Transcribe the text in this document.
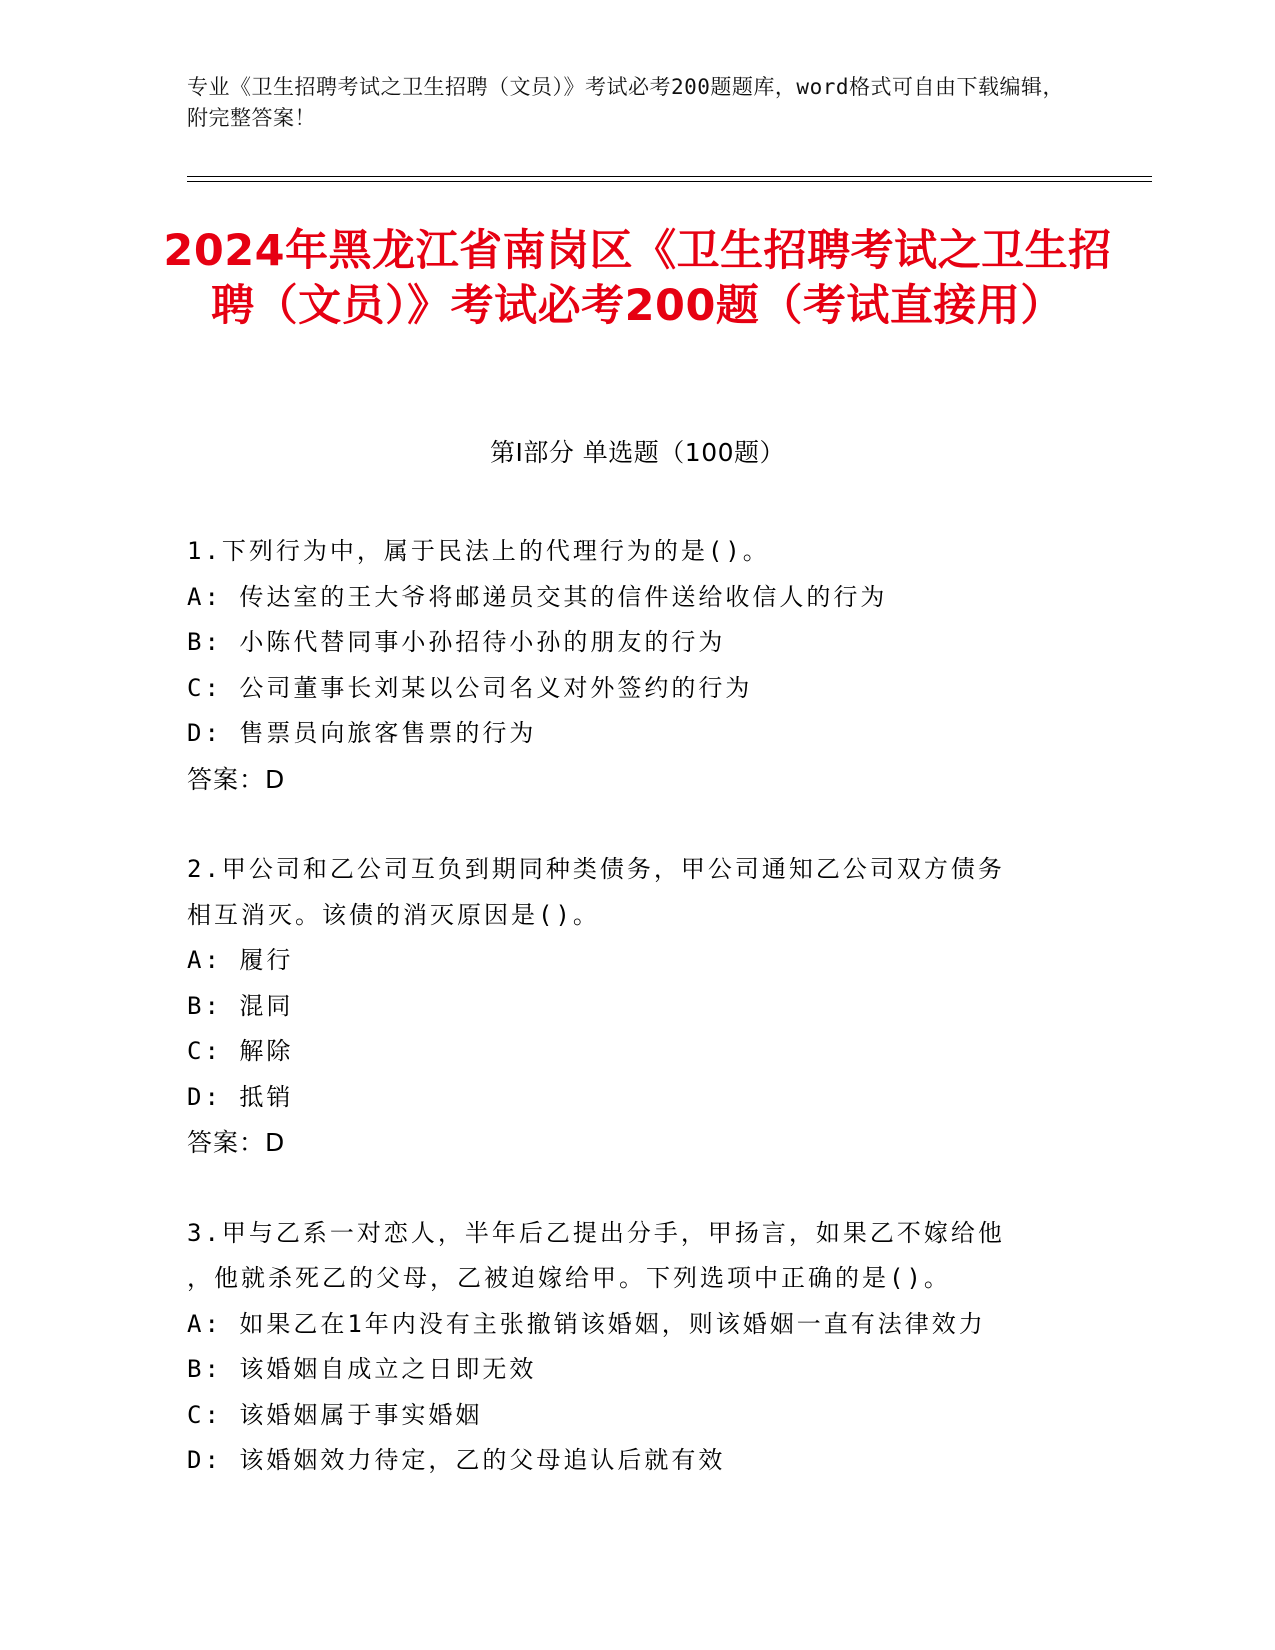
专业《卫生招聘考试之卫生招聘（文员）》考试必考200题题库，word格式可自由下载编辑，附完整答案！
2024年黑龙江省南岗区《卫生招聘考试之卫生招聘（文员）》考试必考200题（考试直接用）
第Ⅰ部分 单选题（100题）
1.下列行为中，属于民法上的代理行为的是()。
A: 传达室的王大爷将邮递员交其的信件送给收信人的行为
B: 小陈代替同事小孙招待小孙的朋友的行为
C: 公司董事长刘某以公司名义对外签约的行为
D: 售票员向旅客售票的行为
答案：D
2.甲公司和乙公司互负到期同种类债务，甲公司通知乙公司双方债务
相互消灭。该债的消灭原因是()。
A: 履行
B: 混同
C: 解除
D: 抵销
答案：D
3.甲与乙系一对恋人，半年后乙提出分手，甲扬言，如果乙不嫁给他
，他就杀死乙的父母，乙被迫嫁给甲。下列选项中正确的是()。
A: 如果乙在1年内没有主张撤销该婚姻，则该婚姻一直有法律效力
B: 该婚姻自成立之日即无效
C: 该婚姻属于事实婚姻
D: 该婚姻效力待定，乙的父母追认后就有效
